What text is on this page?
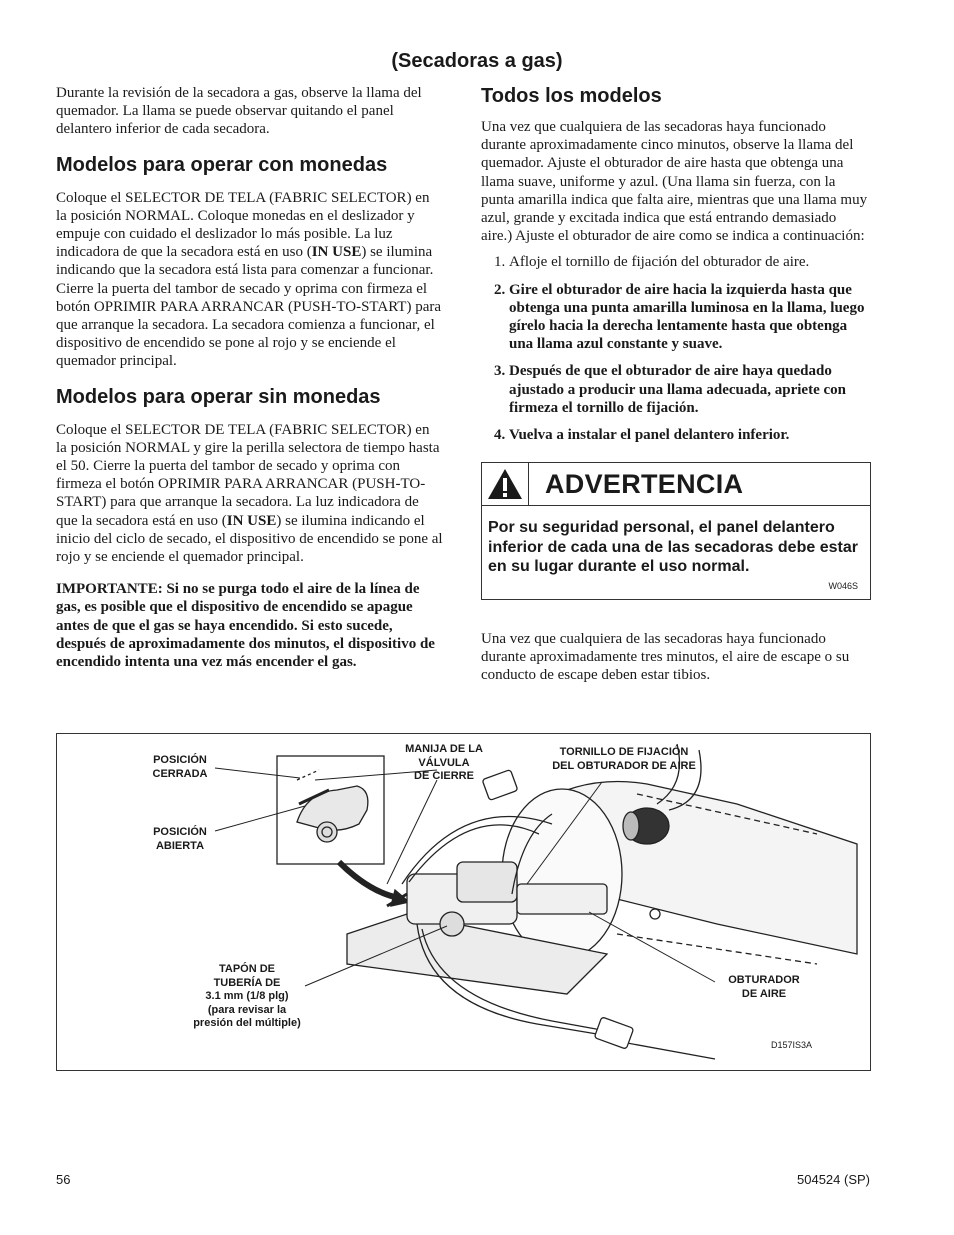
(Secadoras a gas)

Durante la revisión de la secadora a gas, observe la llama del quemador. La llama se puede observar quitando el panel delantero inferior de cada secadora.

Modelos para operar con monedas

Coloque el SELECTOR DE TELA (FABRIC SELECTOR) en la posición NORMAL. Coloque monedas en el deslizador y empuje con cuidado el deslizador lo más posible. La luz indicadora de que la secadora está en uso (IN USE) se ilumina indicando que la secadora está lista para comenzar a funcionar. Cierre la puerta del tambor de secado y oprima con firmeza el botón OPRIMIR PARA ARRANCAR (PUSH-TO-START) para que arranque la secadora. La secadora comienza a funcionar, el dispositivo de encendido se pone al rojo y se enciende el quemador principal.

Modelos para operar sin monedas

Coloque el SELECTOR DE TELA (FABRIC SELECTOR) en la posición NORMAL y gire la perilla selectora de tiempo hasta el 50. Cierre la puerta del tambor de secado y oprima con firmeza el botón OPRIMIR PARA ARRANCAR (PUSH-TO-START) para que arranque la secadora. La luz indicadora de que la secadora está en uso (IN USE) se ilumina indicando el inicio del ciclo de secado, el dispositivo de encendido se pone al rojo y se enciende el quemador principal.

IMPORTANTE: Si no se purga todo el aire de la línea de gas, es posible que el dispositivo de encendido se apague antes de que el gas se haya encendido. Si esto sucede, después de aproximadamente dos minutos, el dispositivo de encendido intenta una vez más encender el gas.

Todos los modelos

Una vez que cualquiera de las secadoras haya funcionado durante aproximadamente cinco minutos, observe la llama del quemador. Ajuste el obturador de aire hasta que obtenga una llama suave, uniforme y azul. (Una llama sin fuerza, con la punta amarilla indica que falta aire, mientras que una llama muy azul, grande y excitada indica que está entrando demasiado aire.) Ajuste el obturador de aire como se indica a continuación:

1. Afloje el tornillo de fijación del obturador de aire.
2. Gire el obturador de aire hacia la izquierda hasta que obtenga una punta amarilla luminosa en la llama, luego gírelo hacia la derecha lentamente hasta que obtenga una llama azul constante y suave.
3. Después de que el obturador de aire haya quedado ajustado a producir una llama adecuada, apriete con firmeza el tornillo de fijación.
4. Vuelva a instalar el panel delantero inferior.
ADVERTENCIA
Por su seguridad personal, el panel delantero inferior de cada una de las secadoras debe estar en su lugar durante el uso normal.
W046S

Una vez que cualquiera de las secadoras haya funcionado durante aproximadamente tres minutos, el aire de escape o su conducto de escape deben estar tibios.

POSICIÓN
CERRADA
POSICIÓN
ABIERTA
MANIJA DE LA
VÁLVULA
DE CIERRE
TORNILLO DE FIJACIÓN
DEL OBTURADOR DE AIRE
TAPÓN DE
TUBERÍA DE
3.1 mm (1/8 plg)
(para revisar la
presión del múltiple)
OBTURADOR
DE AIRE
D157IS3A
56	504524 (SP)
